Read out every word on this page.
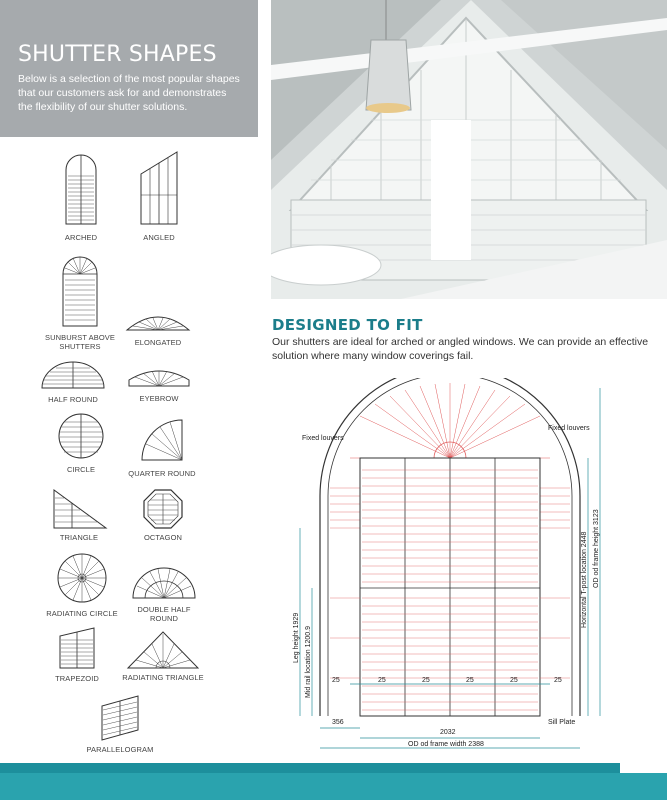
SHUTTER SHAPES

Below is a selection of the most popular shapes that our customers ask for and demonstrates the flexibility of our shutter solutions.

ARCHED	ANGLED
SUNBURST ABOVE SHUTTERS	ELONGATED
HALF ROUND	EYEBROW
CIRCLE	QUARTER ROUND
TRIANGLE	OCTAGON
RADIATING CIRCLE	DOUBLE HALF ROUND
TRAPEZOID	RADIATING TRIANGLE
PARALLELOGRAM
DESIGNED TO FIT
Our shutters are ideal for arched or angled windows. We can provide an effective solution where many window coverings fail.
Fixed louvers
Fixed louvers
Leg height 1929 Mid rail location 1200.9
Horizontal T-post location 2448 OD od frame height 3123
25	25	25	25	25	25
356
2032
OD od frame width 2388
Sill Plate
